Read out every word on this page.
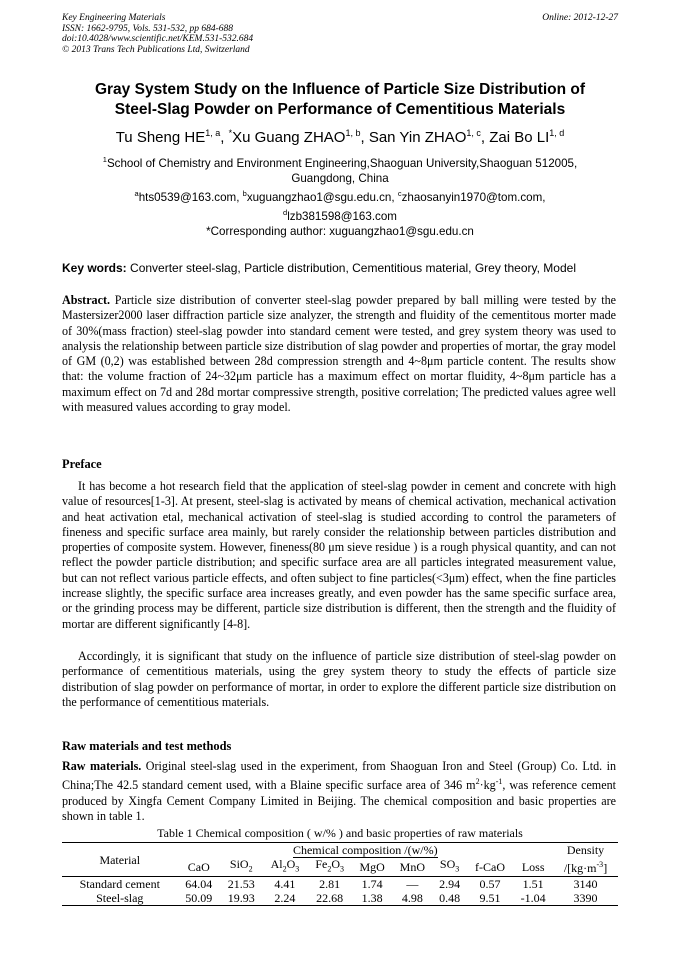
Key Engineering Materials
ISSN: 1662-9795, Vols. 531-532, pp 684-688
doi:10.4028/www.scientific.net/KEM.531-532.684
© 2013 Trans Tech Publications Ltd, Switzerland
Online: 2012-12-27
Gray System Study on the Influence of Particle Size Distribution of
Steel-Slag Powder on Performance of Cementitious Materials
Tu Sheng HE$^{1, a}$, *Xu Guang ZHAO$^{1, b}$, San Yin ZHAO$^{1, c}$, Zai Bo LI$^{1, d}$
$^1$School of Chemistry and Environment Engineering,Shaoguan University,Shaoguan 512005,
Guangdong, China
$^a$hts0539@163.com, $^b$xuguangzhao1@sgu.edu.cn, $^c$zhaosanyin1970@tom.com,
$^d$lzb381598@163.com
*Corresponding author: xuguangzhao1@sgu.edu.cn
Key words: Converter steel-slag, Particle distribution, Cementitious material, Grey theory, Model
Abstract. Particle size distribution of converter steel-slag powder prepared by ball milling were tested by the Mastersizer2000 laser diffraction particle size analyzer, the strength and fluidity of the cementitous morter made of 30%(mass fraction) steel-slag powder into standard cement were tested, and grey system theory was used to analysis the relationship between particle size distribution of slag powder and properties of mortar, the gray model of GM (0,2) was established between 28d compression strength and 4~8μm particle content. The results show that: the volume fraction of 24~32μm particle has a maximum effect on mortar fluidity, 4~8μm particle has a maximum effect on 7d and 28d mortar compressive strength, positive correlation; The predicted values agree well with measured values according to gray model.
Preface
It has become a hot research field that the application of steel-slag powder in cement and concrete with high value of resources[1-3]. At present, steel-slag is activated by means of chemical activation, mechanical activation and heat activation etal, mechanical activation of steel-slag is studied according to control the parameters of fineness and specific surface area mainly, but rarely consider the relationship between particles distribution and properties of composite system. However, fineness(80 μm sieve residue ) is a rough physical quantity, and can not reflect the powder particle distribution; and specific surface area are all particles integrated measurement value, but can not reflect various particle effects, and often subject to fine particles(<3μm) effect, when the fine particles increase slightly, the specific surface area increases greatly, and even powder has the same specific surface area, or the grinding process may be different, particle size distribution is different, then the strength and the fluidity of mortar are different significantly [4-8].
Accordingly, it is significant that study on the influence of particle size distribution of steel-slag powder on performance of cementitious materials, using the grey system theory to study the effects of particle size distribution of slag powder on performance of mortar, in order to explore the different particle size distribution on the performance of cementitious materials.
Raw materials and test methods
Raw materials. Original steel-slag used in the experiment, from Shaoguan Iron and Steel (Group) Co. Ltd. in China;The 42.5 standard cement used, with a Blaine specific surface area of 346 $m^2\cdot kg^{-1}$, was reference cement produced by Xingfa Cement Company Limited in Beijing. The chemical composition and basic properties are shown in table 1.
Table 1 Chemical composition ( w/% ) and basic properties of raw materials
Material	Chemical composition /(w/%)									Density
	CaO	SiO$_2$	$Al_2O_3$	$Fe_2O_3$	MgO	MnO	$SO_3$	f-CaO	Loss	$/[kg\cdot m^{-3}]$
Standard cement	64.04	21.53	4.41	2.81	1.74	—	2.94	0.57	1.51	3140
Steel-slag	50.09	19.93	2.24	22.68	1.38	4.98	0.48	9.51	-1.04	3390
